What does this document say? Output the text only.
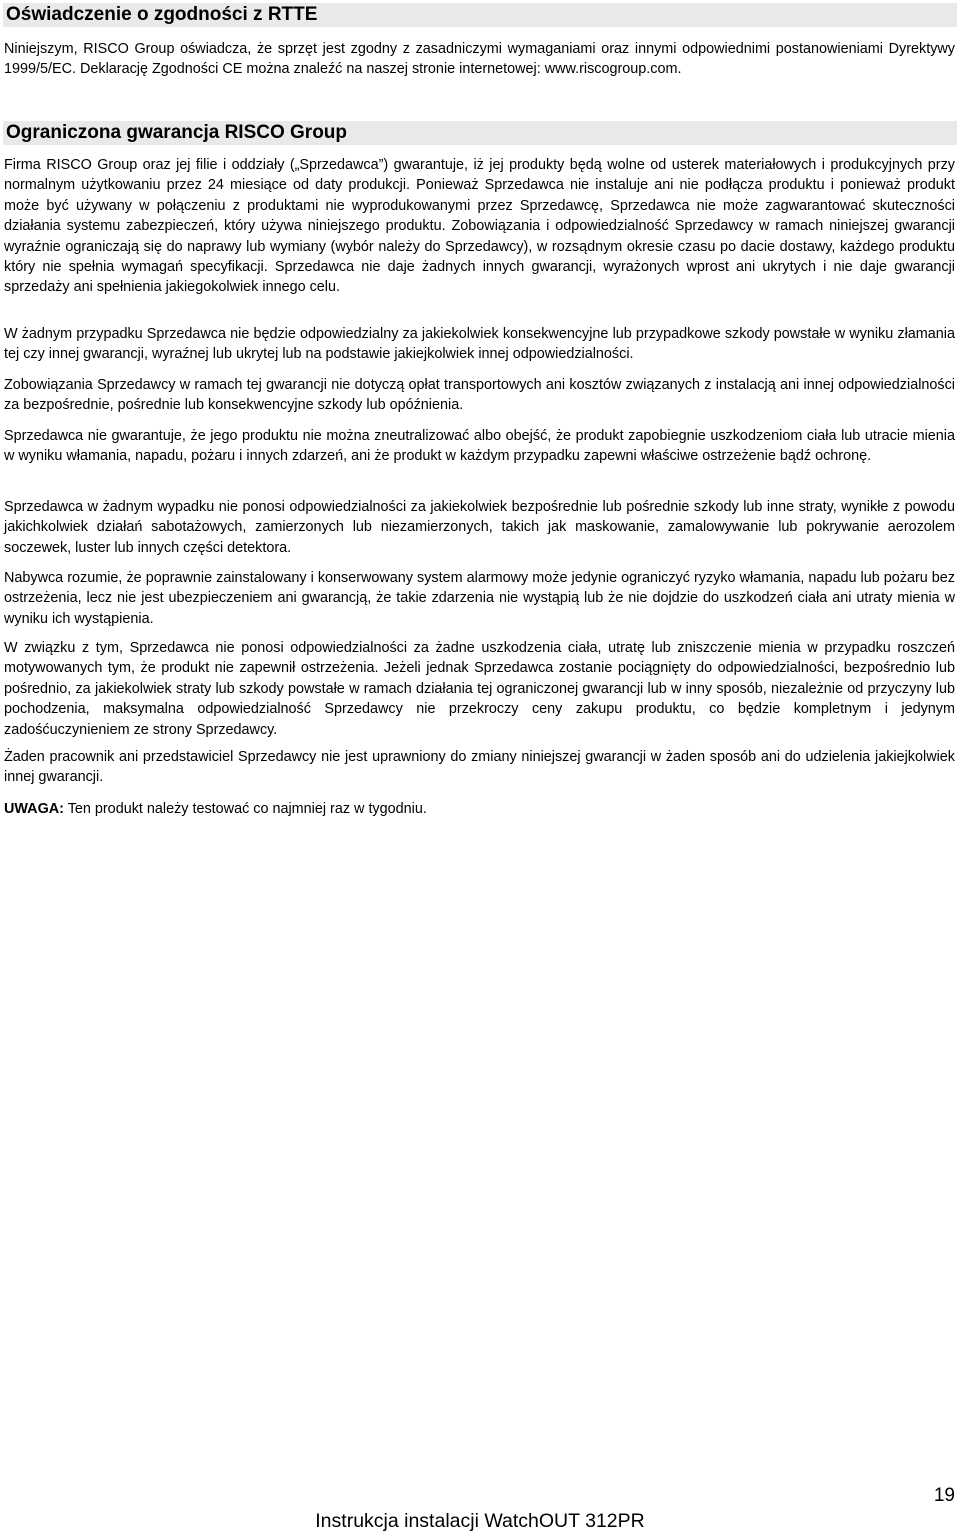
Oświadczenie o zgodności z RTTE

Niniejszym, RISCO Group oświadcza, że sprzęt jest zgodny z zasadniczymi wymaganiami oraz innymi odpowiednimi postanowieniami Dyrektywy 1999/5/EC. Deklarację Zgodności CE można znaleźć na naszej stronie internetowej: www.riscogroup.com.

Ograniczona gwarancja RISCO Group

Firma RISCO Group oraz jej filie i oddziały („Sprzedawca”) gwarantuje, iż jej produkty będą wolne od usterek materiałowych i produkcyjnych przy normalnym użytkowaniu przez 24 miesiące od daty produkcji. Ponieważ Sprzedawca nie instaluje ani nie podłącza produktu i ponieważ produkt może być używany w połączeniu z produktami nie wyprodukowanymi przez Sprzedawcę, Sprzedawca nie może zagwarantować skuteczności działania systemu zabezpieczeń, który używa niniejszego produktu. Zobowiązania i odpowiedzialność Sprzedawcy w ramach niniejszej gwarancji wyraźnie ograniczają się do naprawy lub wymiany (wybór należy do Sprzedawcy), w rozsądnym okresie czasu po dacie dostawy, każdego produktu który nie spełnia wymagań specyfikacji. Sprzedawca nie daje żadnych innych gwarancji, wyrażonych wprost ani ukrytych i nie daje gwarancji sprzedaży ani spełnienia jakiegokolwiek innego celu.

W żadnym przypadku Sprzedawca nie będzie odpowiedzialny za jakiekolwiek konsekwencyjne lub przypadkowe szkody powstałe w wyniku złamania tej czy innej gwarancji, wyraźnej lub ukrytej lub na podstawie jakiejkolwiek innej odpowiedzialności.

Zobowiązania Sprzedawcy w ramach tej gwarancji nie dotyczą opłat transportowych ani kosztów związanych z instalacją ani innej odpowiedzialności za bezpośrednie, pośrednie lub konsekwencyjne szkody lub opóźnienia.

Sprzedawca nie gwarantuje, że jego produktu nie można zneutralizować albo obejść, że produkt zapobiegnie uszkodzeniom ciała lub utracie mienia w wyniku włamania, napadu, pożaru i innych zdarzeń, ani że produkt w każdym przypadku zapewni właściwe ostrzeżenie bądź ochronę.

Sprzedawca w żadnym wypadku nie ponosi odpowiedzialności za jakiekolwiek bezpośrednie lub pośrednie szkody lub inne straty, wynikłe z powodu jakichkolwiek działań sabotażowych, zamierzonych lub niezamierzonych, takich jak maskowanie, zamalowywanie lub pokrywanie aerozolem soczewek, luster lub innych części detektora.

Nabywca rozumie, że poprawnie zainstalowany i konserwowany system alarmowy może jedynie ograniczyć ryzyko włamania, napadu lub pożaru bez ostrzeżenia, lecz nie jest ubezpieczeniem ani gwarancją, że takie zdarzenia nie wystąpią lub że nie dojdzie do uszkodzeń ciała ani utraty mienia w wyniku ich wystąpienia.

W związku z tym, Sprzedawca nie ponosi odpowiedzialności za żadne uszkodzenia ciała, utratę lub zniszczenie mienia w przypadku roszczeń motywowanych tym, że produkt nie zapewnił ostrzeżenia. Jeżeli jednak Sprzedawca zostanie pociągnięty do odpowiedzialności, bezpośrednio lub pośrednio, za jakiekolwiek straty lub szkody powstałe w ramach działania tej ograniczonej gwarancji lub w inny sposób, niezależnie od przyczyny lub pochodzenia, maksymalna odpowiedzialność Sprzedawcy nie przekroczy ceny zakupu produktu, co będzie kompletnym i jedynym zadośćuczynieniem ze strony Sprzedawcy.

Żaden pracownik ani przedstawiciel Sprzedawcy nie jest uprawniony do zmiany niniejszej gwarancji w żaden sposób ani do udzielenia jakiejkolwiek innej gwarancji.

UWAGA: Ten produkt należy testować co najmniej raz w tygodniu.

19
Instrukcja instalacji WatchOUT 312PR
